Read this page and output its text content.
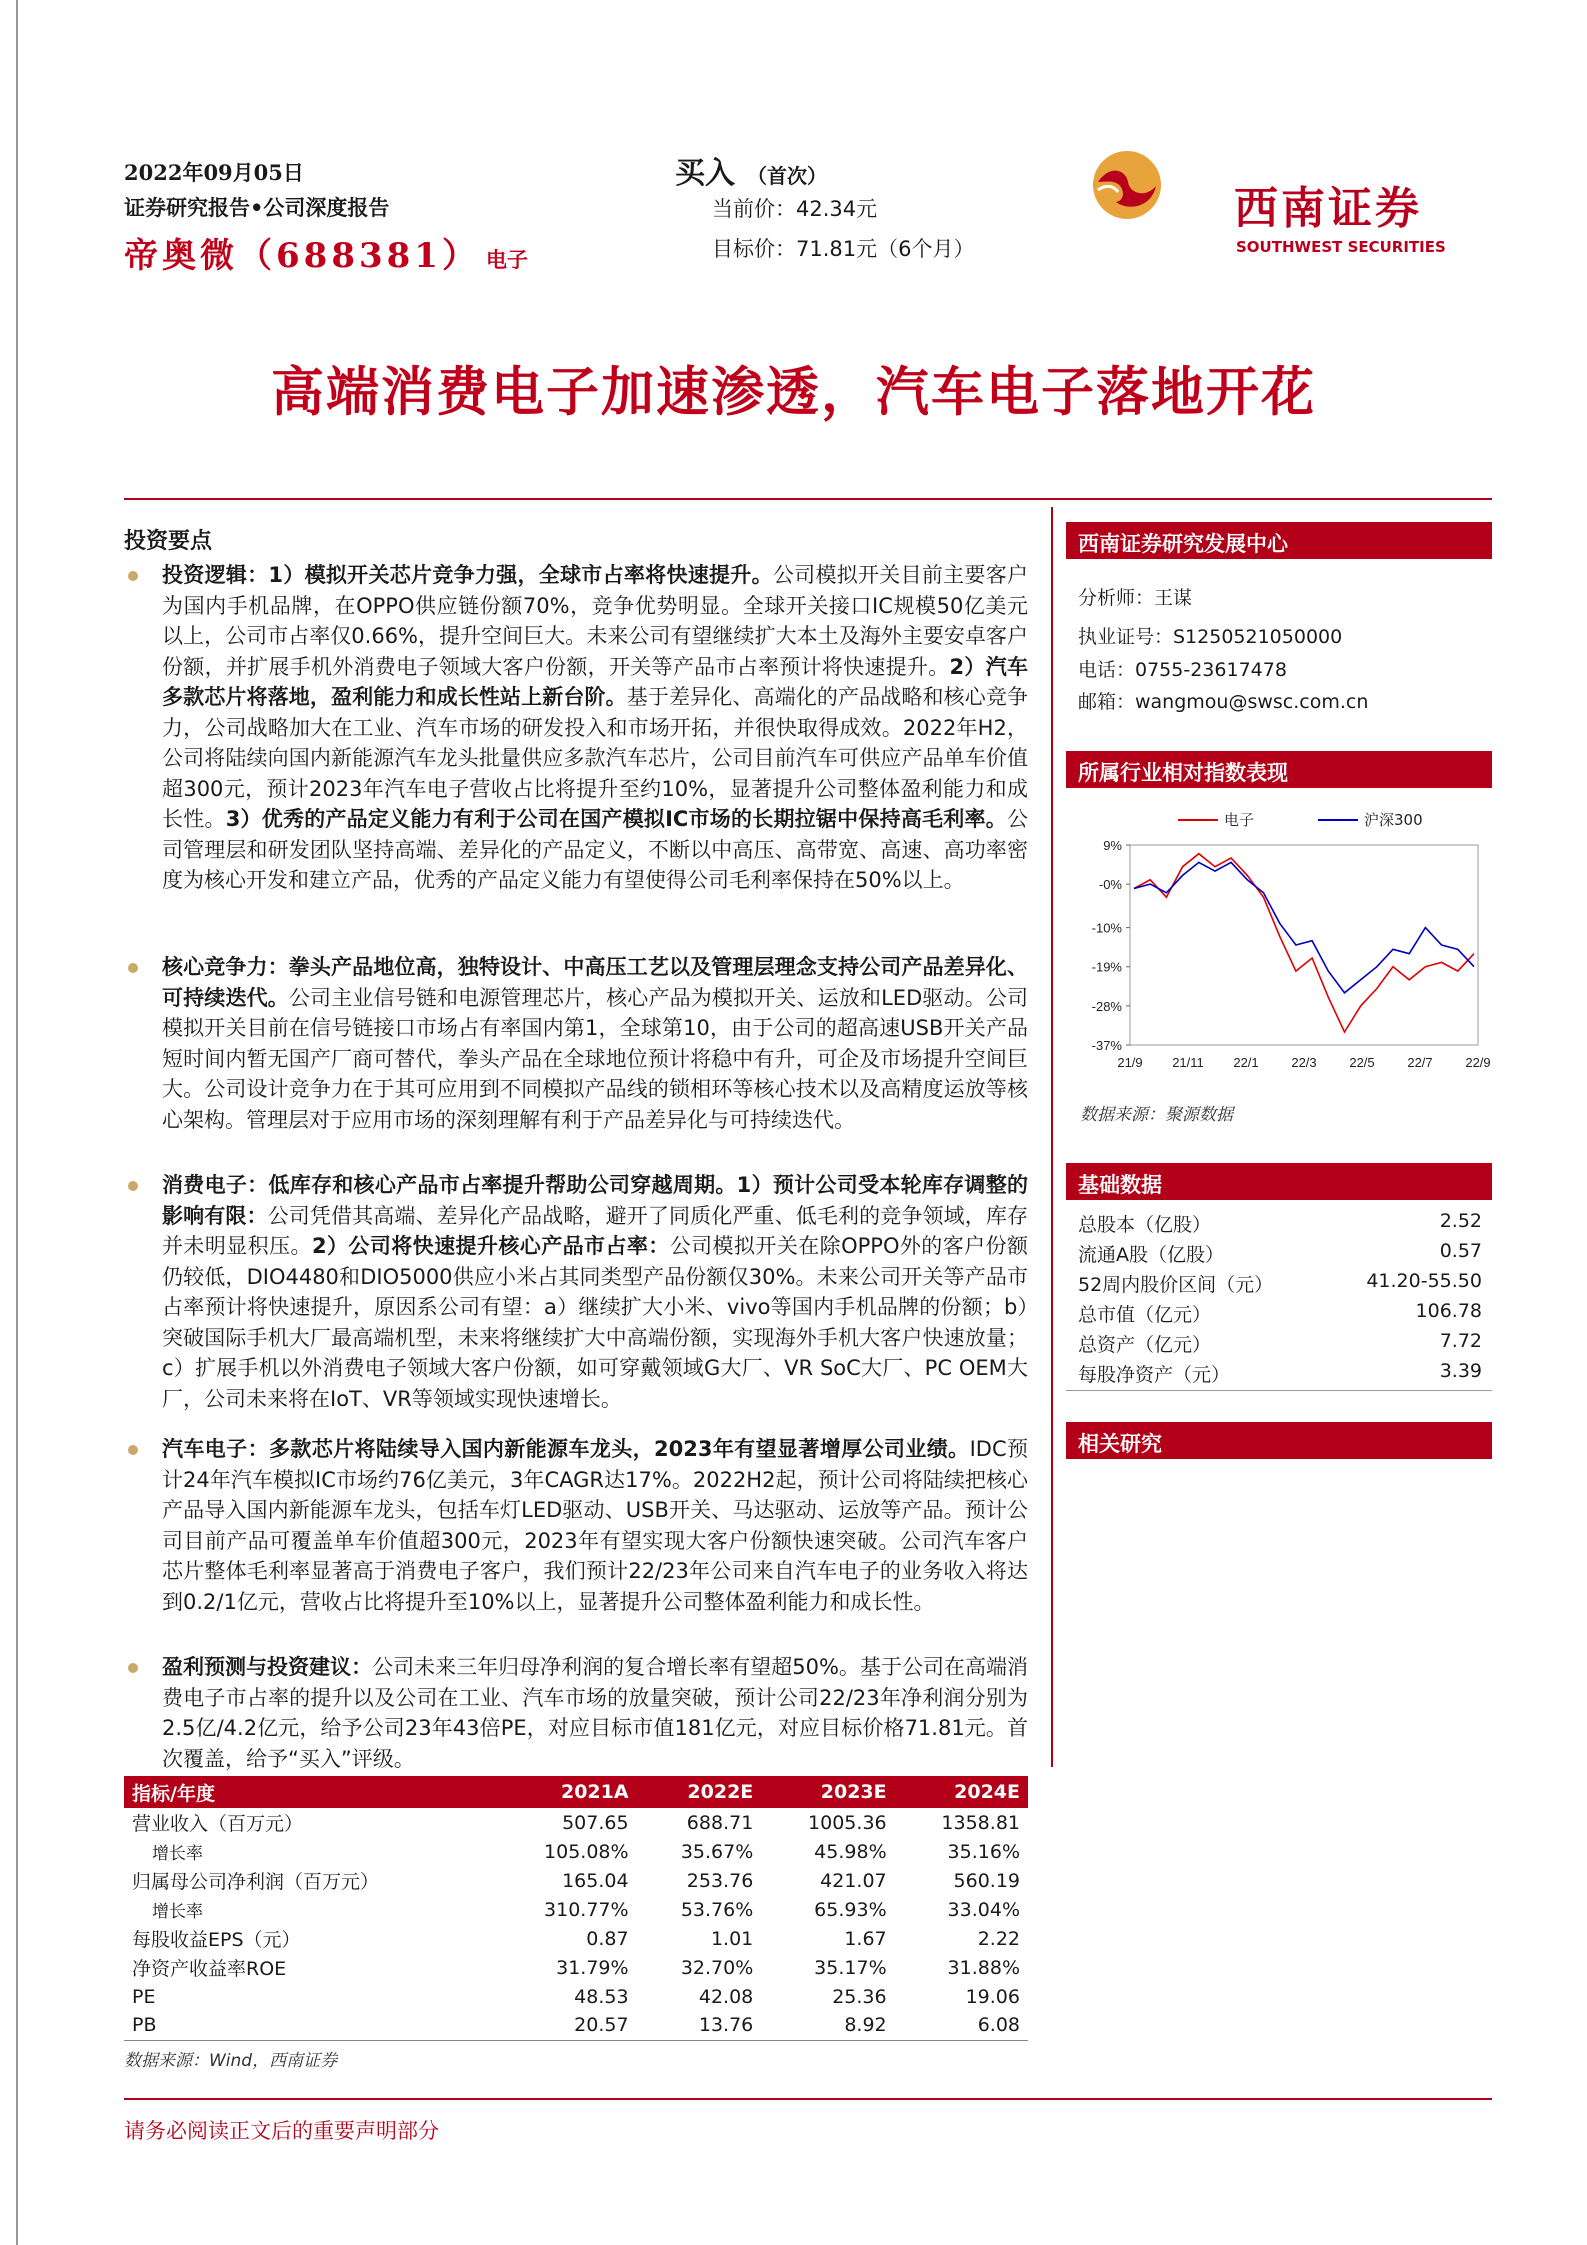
2022年09月05日
证券研究报告•公司深度报告
帝奥微（688381） 电子
买入 （首次）
当前价：42.34元
目标价：71.81元（6个月）
西南证券
SOUTHWEST SECURITIES
高端消费电子加速渗透，汽车电子落地开花
投资要点
投资逻辑：1）模拟开关芯片竞争力强，全球市占率将快速提升。公司模拟开关目前主要客户为国内手机品牌，在OPPO供应链份额70%，竞争优势明显。全球开关接口IC规模50亿美元以上，公司市占率仅0.66%，提升空间巨大。未来公司有望继续扩大本土及海外主要安卓客户份额，并扩展手机外消费电子领域大客户份额，开关等产品市占率预计将快速提升。2）汽车多款芯片将落地，盈利能力和成长性站上新台阶。基于差异化、高端化的产品战略和核心竞争力，公司战略加大在工业、汽车市场的研发投入和市场开拓，并很快取得成效。2022年H2，公司将陆续向国内新能源汽车龙头批量供应多款汽车芯片，公司目前汽车可供应产品单车价值超300元，预计2023年汽车电子营收占比将提升至约10%，显著提升公司整体盈利能力和成长性。3）优秀的产品定义能力有利于公司在国产模拟IC市场的长期拉锯中保持高毛利率。公司管理层和研发团队坚持高端、差异化的产品定义，不断以中高压、高带宽、高速、高功率密度为核心开发和建立产品，优秀的产品定义能力有望使得公司毛利率保持在50%以上。
核心竞争力：拳头产品地位高，独特设计、中高压工艺以及管理层理念支持公司产品差异化、可持续迭代。公司主业信号链和电源管理芯片，核心产品为模拟开关、运放和LED驱动。公司模拟开关目前在信号链接口市场占有率国内第1，全球第10，由于公司的超高速USB开关产品短时间内暂无国产厂商可替代，拳头产品在全球地位预计将稳中有升，可企及市场提升空间巨大。公司设计竞争力在于其可应用到不同模拟产品线的锁相环等核心技术以及高精度运放等核心架构。管理层对于应用市场的深刻理解有利于产品差异化与可持续迭代。
消费电子：低库存和核心产品市占率提升帮助公司穿越周期。1）预计公司受本轮库存调整的影响有限：公司凭借其高端、差异化产品战略，避开了同质化严重、低毛利的竞争领域，库存并未明显积压。2）公司将快速提升核心产品市占率：公司模拟开关在除OPPO外的客户份额仍较低，DIO4480和DIO5000供应小米占其同类型产品份额仅30%。未来公司开关等产品市占率预计将快速提升，原因系公司有望：a）继续扩大小米、vivo等国内手机品牌的份额；b）突破国际手机大厂最高端机型，未来将继续扩大中高端份额，实现海外手机大客户快速放量；c）扩展手机以外消费电子领域大客户份额，如可穿戴领域G大厂、VR SoC大厂、PC OEM大厂，公司未来将在IoT、VR等领域实现快速增长。
汽车电子：多款芯片将陆续导入国内新能源车龙头，2023年有望显著增厚公司业绩。IDC预计24年汽车模拟IC市场约76亿美元，3年CAGR达17%。2022H2起，预计公司将陆续把核心产品导入国内新能源车龙头，包括车灯LED驱动、USB开关、马达驱动、运放等产品。预计公司目前产品可覆盖单车价值超300元，2023年有望实现大客户份额快速突破。公司汽车客户芯片整体毛利率显著高于消费电子客户，我们预计22/23年公司来自汽车电子的业务收入将达到0.2/1亿元，营收占比将提升至10%以上，显著提升公司整体盈利能力和成长性。
盈利预测与投资建议：公司未来三年归母净利润的复合增长率有望超50%。基于公司在高端消费电子市占率的提升以及公司在工业、汽车市场的放量突破，预计公司22/23年净利润分别为2.5亿/4.2亿元，给予公司23年43倍PE，对应目标市值181亿元，对应目标价格71.81元。首次覆盖，给予“买入”评级。
指标/年度	2021A	2022E	2023E	2024E
营业收入（百万元）	507.65	688.71	1005.36	1358.81
增长率	105.08%	35.67%	45.98%	35.16%
归属母公司净利润（百万元）	165.04	253.76	421.07	560.19
增长率	310.77%	53.76%	65.93%	33.04%
每股收益EPS（元）	0.87	1.01	1.67	2.22
净资产收益率ROE	31.79%	32.70%	35.17%	31.88%
PE	48.53	42.08	25.36	19.06
PB	20.57	13.76	8.92	6.08
数据来源：Wind，西南证券
请务必阅读正文后的重要声明部分
西南证券研究发展中心
分析师：王谋
执业证号：S1250521050000
电话：0755-23617478
邮箱：wangmou@swsc.com.cn
所属行业相对指数表现
电子	沪深300
9%
-0%
-10%
-19%
-28%
-37%
21/9 21/11 22/1	22/3	22/5	22/7	22/9
数据来源：聚源数据
基础数据
总股本（亿股）	2.52
流通A股（亿股）	0.57
52周内股价区间（元）	41.20-55.50
总市值（亿元）	106.78
总资产（亿元）	7.72
每股净资产（元）	3.39
相关研究
